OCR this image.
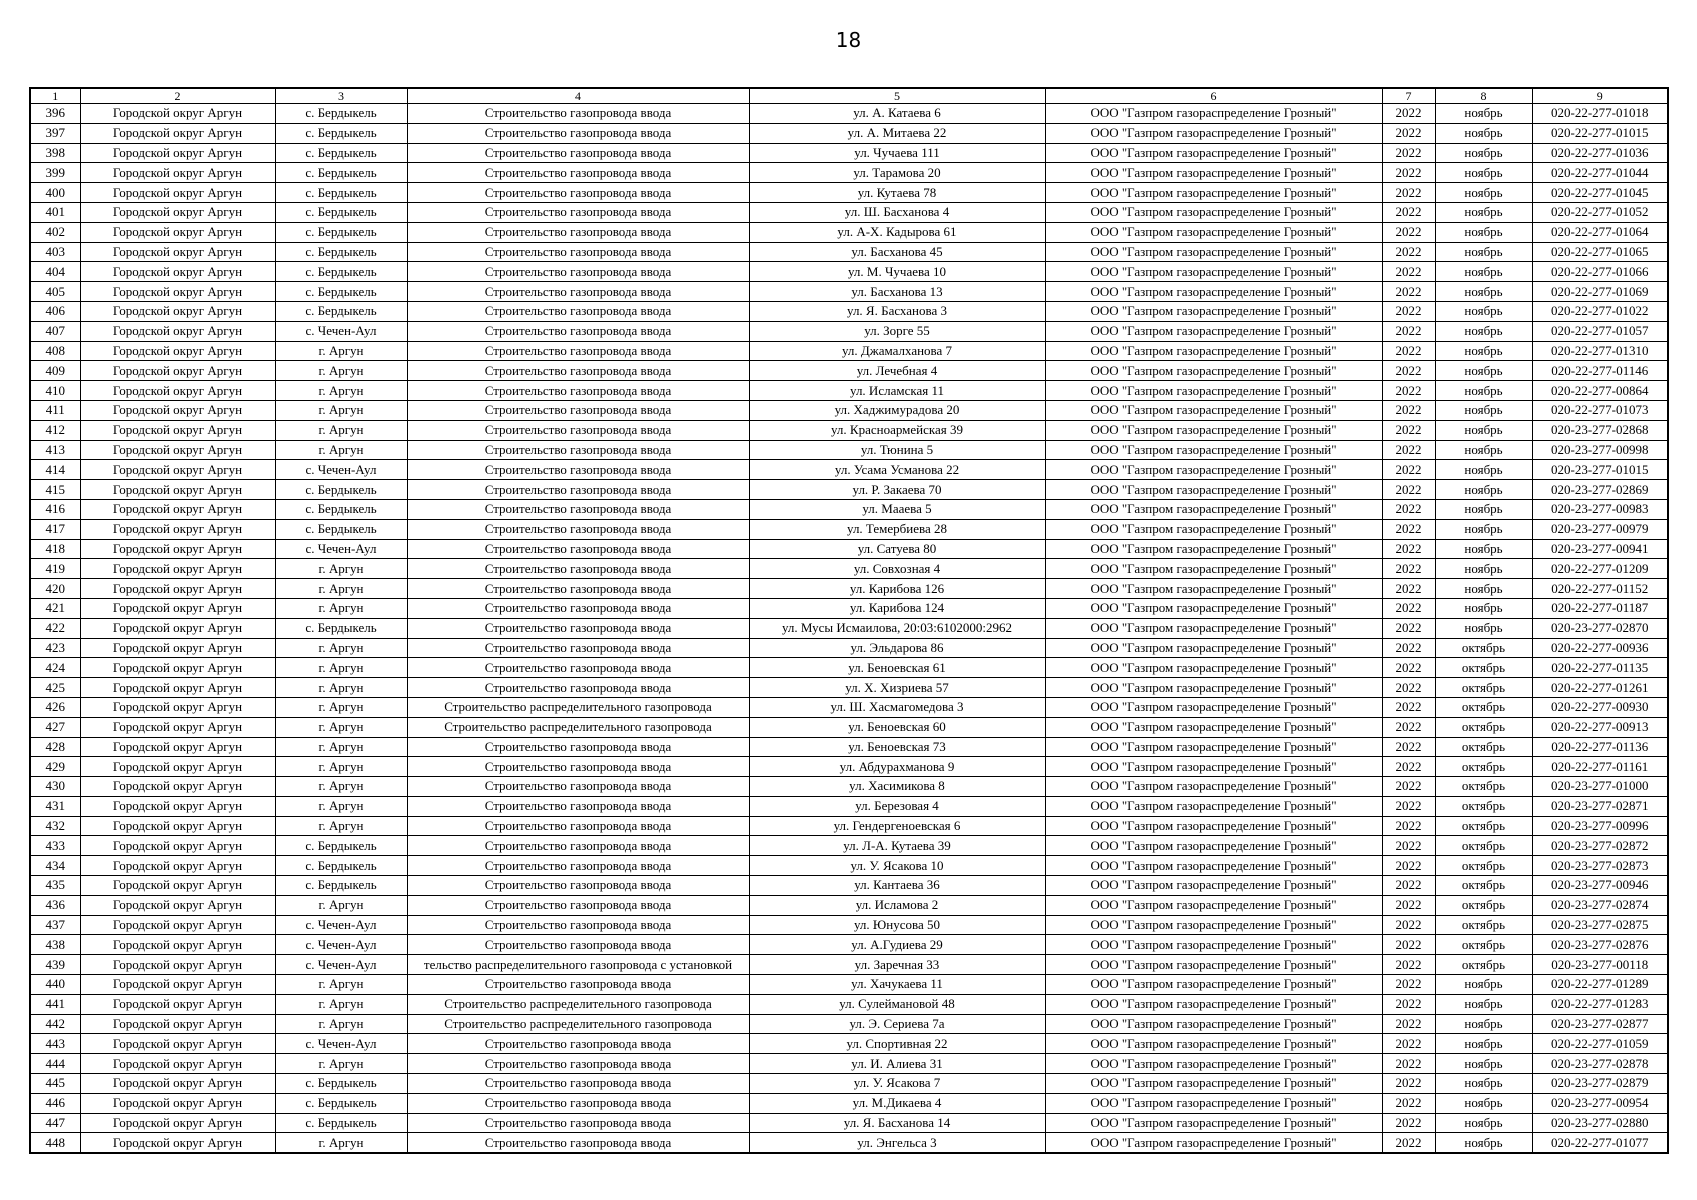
18
1	2	3	4	5	6	7	8	9
396	Городской округ Аргун	с. Бердыкель	Строительство газопровода ввода	ул. А. Катаева 6	ООО "Газпром газораспределение Грозный"	2022	ноябрь	020-22-277-01018
397	Городской округ Аргун	с. Бердыкель	Строительство газопровода ввода	ул. А. Митаева 22	ООО "Газпром газораспределение Грозный"	2022	ноябрь	020-22-277-01015
398	Городской округ Аргун	с. Бердыкель	Строительство газопровода ввода	ул. Чучаева 111	ООО "Газпром газораспределение Грозный"	2022	ноябрь	020-22-277-01036
399	Городской округ Аргун	с. Бердыкель	Строительство газопровода ввода	ул. Тарамова 20	ООО "Газпром газораспределение Грозный"	2022	ноябрь	020-22-277-01044
400	Городской округ Аргун	с. Бердыкель	Строительство газопровода ввода	ул. Кутаева 78	ООО "Газпром газораспределение Грозный"	2022	ноябрь	020-22-277-01045
401	Городской округ Аргун	с. Бердыкель	Строительство газопровода ввода	ул. Ш. Басханова 4	ООО "Газпром газораспределение Грозный"	2022	ноябрь	020-22-277-01052
402	Городской округ Аргун	с. Бердыкель	Строительство газопровода ввода	ул. А-Х. Кадырова 61	ООО "Газпром газораспределение Грозный"	2022	ноябрь	020-22-277-01064
403	Городской округ Аргун	с. Бердыкель	Строительство газопровода ввода	ул. Басханова 45	ООО "Газпром газораспределение Грозный"	2022	ноябрь	020-22-277-01065
404	Городской округ Аргун	с. Бердыкель	Строительство газопровода ввода	ул. М. Чучаева 10	ООО "Газпром газораспределение Грозный"	2022	ноябрь	020-22-277-01066
405	Городской округ Аргун	с. Бердыкель	Строительство газопровода ввода	ул. Басханова 13	ООО "Газпром газораспределение Грозный"	2022	ноябрь	020-22-277-01069
406	Городской округ Аргун	с. Бердыкель	Строительство газопровода ввода	ул. Я. Басханова 3	ООО "Газпром газораспределение Грозный"	2022	ноябрь	020-22-277-01022
407	Городской округ Аргун	с. Чечен-Аул	Строительство газопровода ввода	ул. Зорге 55	ООО "Газпром газораспределение Грозный"	2022	ноябрь	020-22-277-01057
408	Городской округ Аргун	г. Аргун	Строительство газопровода ввода	ул. Джамалханова 7	ООО "Газпром газораспределение Грозный"	2022	ноябрь	020-22-277-01310
409	Городской округ Аргун	г. Аргун	Строительство газопровода ввода	ул. Лечебная 4	ООО "Газпром газораспределение Грозный"	2022	ноябрь	020-22-277-01146
410	Городской округ Аргун	г. Аргун	Строительство газопровода ввода	ул. Исламская 11	ООО "Газпром газораспределение Грозный"	2022	ноябрь	020-22-277-00864
411	Городской округ Аргун	г. Аргун	Строительство газопровода ввода	ул. Хаджимурадова 20	ООО "Газпром газораспределение Грозный"	2022	ноябрь	020-22-277-01073
412	Городской округ Аргун	г. Аргун	Строительство газопровода ввода	ул. Красноармейская 39	ООО "Газпром газораспределение Грозный"	2022	ноябрь	020-23-277-02868
413	Городской округ Аргун	г. Аргун	Строительство газопровода ввода	ул. Тюнина 5	ООО "Газпром газораспределение Грозный"	2022	ноябрь	020-23-277-00998
414	Городской округ Аргун	с. Чечен-Аул	Строительство газопровода ввода	ул. Усама Усманова 22	ООО "Газпром газораспределение Грозный"	2022	ноябрь	020-23-277-01015
415	Городской округ Аргун	с. Бердыкель	Строительство газопровода ввода	ул. Р. Закаева 70	ООО "Газпром газораспределение Грозный"	2022	ноябрь	020-23-277-02869
416	Городской округ Аргун	с. Бердыкель	Строительство газопровода ввода	ул. Мааева 5	ООО "Газпром газораспределение Грозный"	2022	ноябрь	020-23-277-00983
417	Городской округ Аргун	с. Бердыкель	Строительство газопровода ввода	ул. Темербиева 28	ООО "Газпром газораспределение Грозный"	2022	ноябрь	020-23-277-00979
418	Городской округ Аргун	с. Чечен-Аул	Строительство газопровода ввода	ул. Сатуева 80	ООО "Газпром газораспределение Грозный"	2022	ноябрь	020-23-277-00941
419	Городской округ Аргун	г. Аргун	Строительство газопровода ввода	ул. Совхозная 4	ООО "Газпром газораспределение Грозный"	2022	ноябрь	020-22-277-01209
420	Городской округ Аргун	г. Аргун	Строительство газопровода ввода	ул. Карибова 126	ООО "Газпром газораспределение Грозный"	2022	ноябрь	020-22-277-01152
421	Городской округ Аргун	г. Аргун	Строительство газопровода ввода	ул. Карибова 124	ООО "Газпром газораспределение Грозный"	2022	ноябрь	020-22-277-01187
422	Городской округ Аргун	с. Бердыкель	Строительство газопровода ввода	ул. Мусы Исмаилова, 20:03:6102000:2962	ООО "Газпром газораспределение Грозный"	2022	ноябрь	020-23-277-02870
423	Городской округ Аргун	г. Аргун	Строительство газопровода ввода	ул. Эльдарова 86	ООО "Газпром газораспределение Грозный"	2022	октябрь	020-22-277-00936
424	Городской округ Аргун	г. Аргун	Строительство газопровода ввода	ул. Беноевская 61	ООО "Газпром газораспределение Грозный"	2022	октябрь	020-22-277-01135
425	Городской округ Аргун	г. Аргун	Строительство газопровода ввода	ул. Х. Хизриева 57	ООО "Газпром газораспределение Грозный"	2022	октябрь	020-22-277-01261
426	Городской округ Аргун	г. Аргун	Строительство распределительного газопровода	ул. Ш. Хасмагомедова 3	ООО "Газпром газораспределение Грозный"	2022	октябрь	020-22-277-00930
427	Городской округ Аргун	г. Аргун	Строительство распределительного газопровода	ул. Беноевская 60	ООО "Газпром газораспределение Грозный"	2022	октябрь	020-22-277-00913
428	Городской округ Аргун	г. Аргун	Строительство газопровода ввода	ул. Беноевская 73	ООО "Газпром газораспределение Грозный"	2022	октябрь	020-22-277-01136
429	Городской округ Аргун	г. Аргун	Строительство газопровода ввода	ул. Абдурахманова 9	ООО "Газпром газораспределение Грозный"	2022	октябрь	020-22-277-01161
430	Городской округ Аргун	г. Аргун	Строительство газопровода ввода	ул. Хасимикова 8	ООО "Газпром газораспределение Грозный"	2022	октябрь	020-23-277-01000
431	Городской округ Аргун	г. Аргун	Строительство газопровода ввода	ул. Березовая 4	ООО "Газпром газораспределение Грозный"	2022	октябрь	020-23-277-02871
432	Городской округ Аргун	г. Аргун	Строительство газопровода ввода	ул. Гендергеноевская 6	ООО "Газпром газораспределение Грозный"	2022	октябрь	020-23-277-00996
433	Городской округ Аргун	с. Бердыкель	Строительство газопровода ввода	ул. Л-А. Кутаева 39	ООО "Газпром газораспределение Грозный"	2022	октябрь	020-23-277-02872
434	Городской округ Аргун	с. Бердыкель	Строительство газопровода ввода	ул. У. Ясакова 10	ООО "Газпром газораспределение Грозный"	2022	октябрь	020-23-277-02873
435	Городской округ Аргун	с. Бердыкель	Строительство газопровода ввода	ул. Кантаева 36	ООО "Газпром газораспределение Грозный"	2022	октябрь	020-23-277-00946
436	Городской округ Аргун	г. Аргун	Строительство газопровода ввода	ул. Исламова 2	ООО "Газпром газораспределение Грозный"	2022	октябрь	020-23-277-02874
437	Городской округ Аргун	с. Чечен-Аул	Строительство газопровода ввода	ул. Юнусова 50	ООО "Газпром газораспределение Грозный"	2022	октябрь	020-23-277-02875
438	Городской округ Аргун	с. Чечен-Аул	Строительство газопровода ввода	ул. А.Гудиева 29	ООО "Газпром газораспределение Грозный"	2022	октябрь	020-23-277-02876
439	Городской округ Аргун	с. Чечен-Аул	тельство распределительного газопровода с установкой	ул. Заречная 33	ООО "Газпром газораспределение Грозный"	2022	октябрь	020-23-277-00118
440	Городской округ Аргун	г. Аргун	Строительство газопровода ввода	ул. Хачукаева 11	ООО "Газпром газораспределение Грозный"	2022	ноябрь	020-22-277-01289
441	Городской округ Аргун	г. Аргун	Строительство распределительного газопровода	ул. Сулеймановой 48	ООО "Газпром газораспределение Грозный"	2022	ноябрь	020-22-277-01283
442	Городской округ Аргун	г. Аргун	Строительство распределительного газопровода	ул. Э. Сериева 7а	ООО "Газпром газораспределение Грозный"	2022	ноябрь	020-23-277-02877
443	Городской округ Аргун	с. Чечен-Аул	Строительство газопровода ввода	ул. Спортивная 22	ООО "Газпром газораспределение Грозный"	2022	ноябрь	020-22-277-01059
444	Городской округ Аргун	г. Аргун	Строительство газопровода ввода	ул. И. Алиева 31	ООО "Газпром газораспределение Грозный"	2022	ноябрь	020-23-277-02878
445	Городской округ Аргун	с. Бердыкель	Строительство газопровода ввода	ул. У. Ясакова 7	ООО "Газпром газораспределение Грозный"	2022	ноябрь	020-23-277-02879
446	Городской округ Аргун	с. Бердыкель	Строительство газопровода ввода	ул. М.Дикаева 4	ООО "Газпром газораспределение Грозный"	2022	ноябрь	020-23-277-00954
447	Городской округ Аргун	с. Бердыкель	Строительство газопровода ввода	ул. Я. Басханова 14	ООО "Газпром газораспределение Грозный"	2022	ноябрь	020-23-277-02880
448	Городской округ Аргун	г. Аргун	Строительство газопровода ввода	ул. Энгельса 3	ООО "Газпром газораспределение Грозный"	2022	ноябрь	020-22-277-01077
